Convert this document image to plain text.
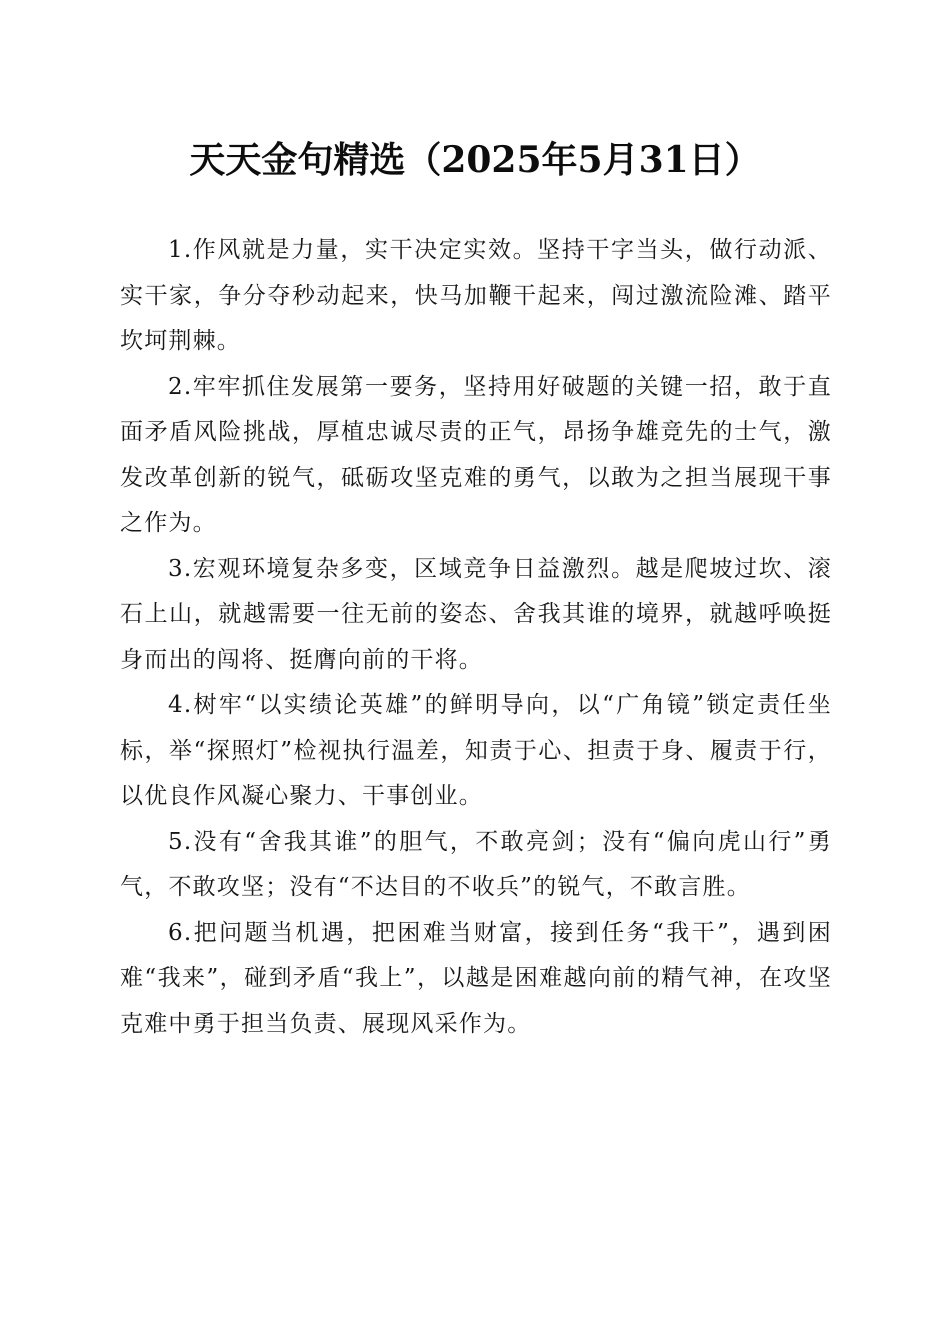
天天金句精选（2025年5月31日）

1.作风就是力量，实干决定实效。坚持干字当头，做行动派、实干家，争分夺秒动起来，快马加鞭干起来，闯过激流险滩、踏平坎坷荆棘。

2.牢牢抓住发展第一要务，坚持用好破题的关键一招，敢于直面矛盾风险挑战，厚植忠诚尽责的正气，昂扬争雄竞先的士气，激发改革创新的锐气，砥砺攻坚克难的勇气，以敢为之担当展现干事之作为。

3.宏观环境复杂多变，区域竞争日益激烈。越是爬坡过坎、滚石上山，就越需要一往无前的姿态、舍我其谁的境界，就越呼唤挺身而出的闯将、挺膺向前的干将。

4.树牢“以实绩论英雄”的鲜明导向，以“广角镜”锁定责任坐标，举“探照灯”检视执行温差，知责于心、担责于身、履责于行，以优良作风凝心聚力、干事创业。

5.没有“舍我其谁”的胆气，不敢亮剑；没有“偏向虎山行”勇气，不敢攻坚；没有“不达目的不收兵”的锐气，不敢言胜。

6.把问题当机遇，把困难当财富，接到任务“我干”，遇到困难“我来”，碰到矛盾“我上”，以越是困难越向前的精气神，在攻坚克难中勇于担当负责、展现风采作为。
